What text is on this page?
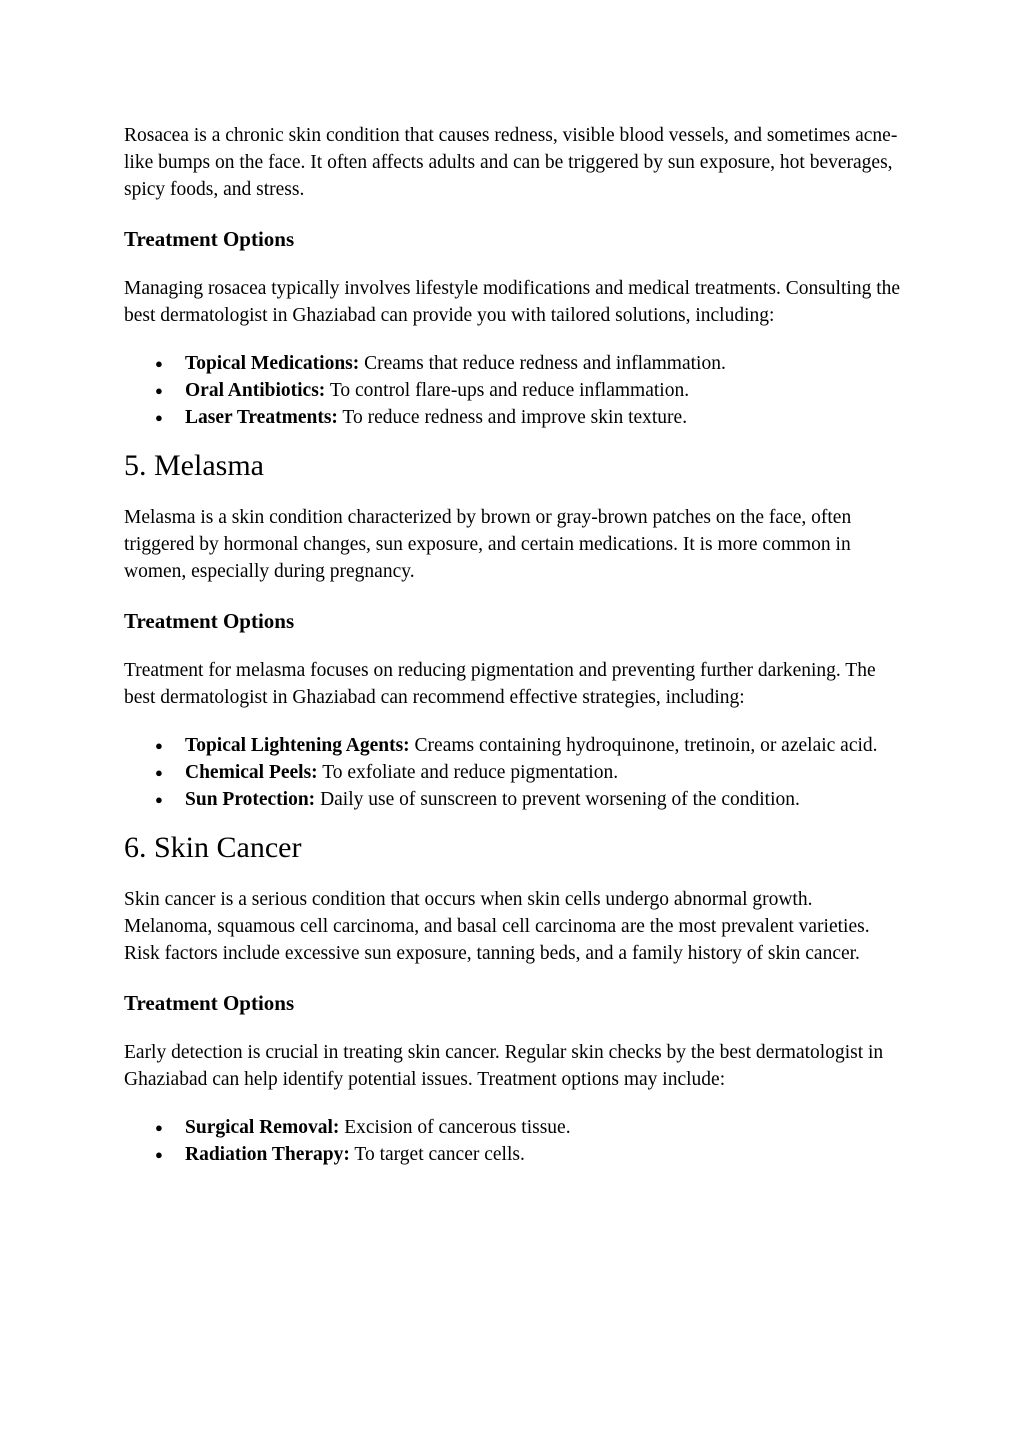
Rosacea is a chronic skin condition that causes redness, visible blood vessels, and sometimes acne-like bumps on the face. It often affects adults and can be triggered by sun exposure, hot beverages, spicy foods, and stress.

Treatment Options

Managing rosacea typically involves lifestyle modifications and medical treatments. Consulting the best dermatologist in Ghaziabad can provide you with tailored solutions, including:

● Topical Medications: Creams that reduce redness and inflammation.
● Oral Antibiotics: To control flare-ups and reduce inflammation.
● Laser Treatments: To reduce redness and improve skin texture.
5. Melasma

Melasma is a skin condition characterized by brown or gray-brown patches on the face, often triggered by hormonal changes, sun exposure, and certain medications. It is more common in women, especially during pregnancy.

Treatment Options

Treatment for melasma focuses on reducing pigmentation and preventing further darkening. The best dermatologist in Ghaziabad can recommend effective strategies, including:

● Topical Lightening Agents: Creams containing hydroquinone, tretinoin, or azelaic acid.
● Chemical Peels: To exfoliate and reduce pigmentation.
● Sun Protection: Daily use of sunscreen to prevent worsening of the condition.
6. Skin Cancer

Skin cancer is a serious condition that occurs when skin cells undergo abnormal growth. Melanoma, squamous cell carcinoma, and basal cell carcinoma are the most prevalent varieties. Risk factors include excessive sun exposure, tanning beds, and a family history of skin cancer.

Treatment Options

Early detection is crucial in treating skin cancer. Regular skin checks by the best dermatologist in Ghaziabad can help identify potential issues. Treatment options may include:

● Surgical Removal: Excision of cancerous tissue.
● Radiation Therapy: To target cancer cells.
